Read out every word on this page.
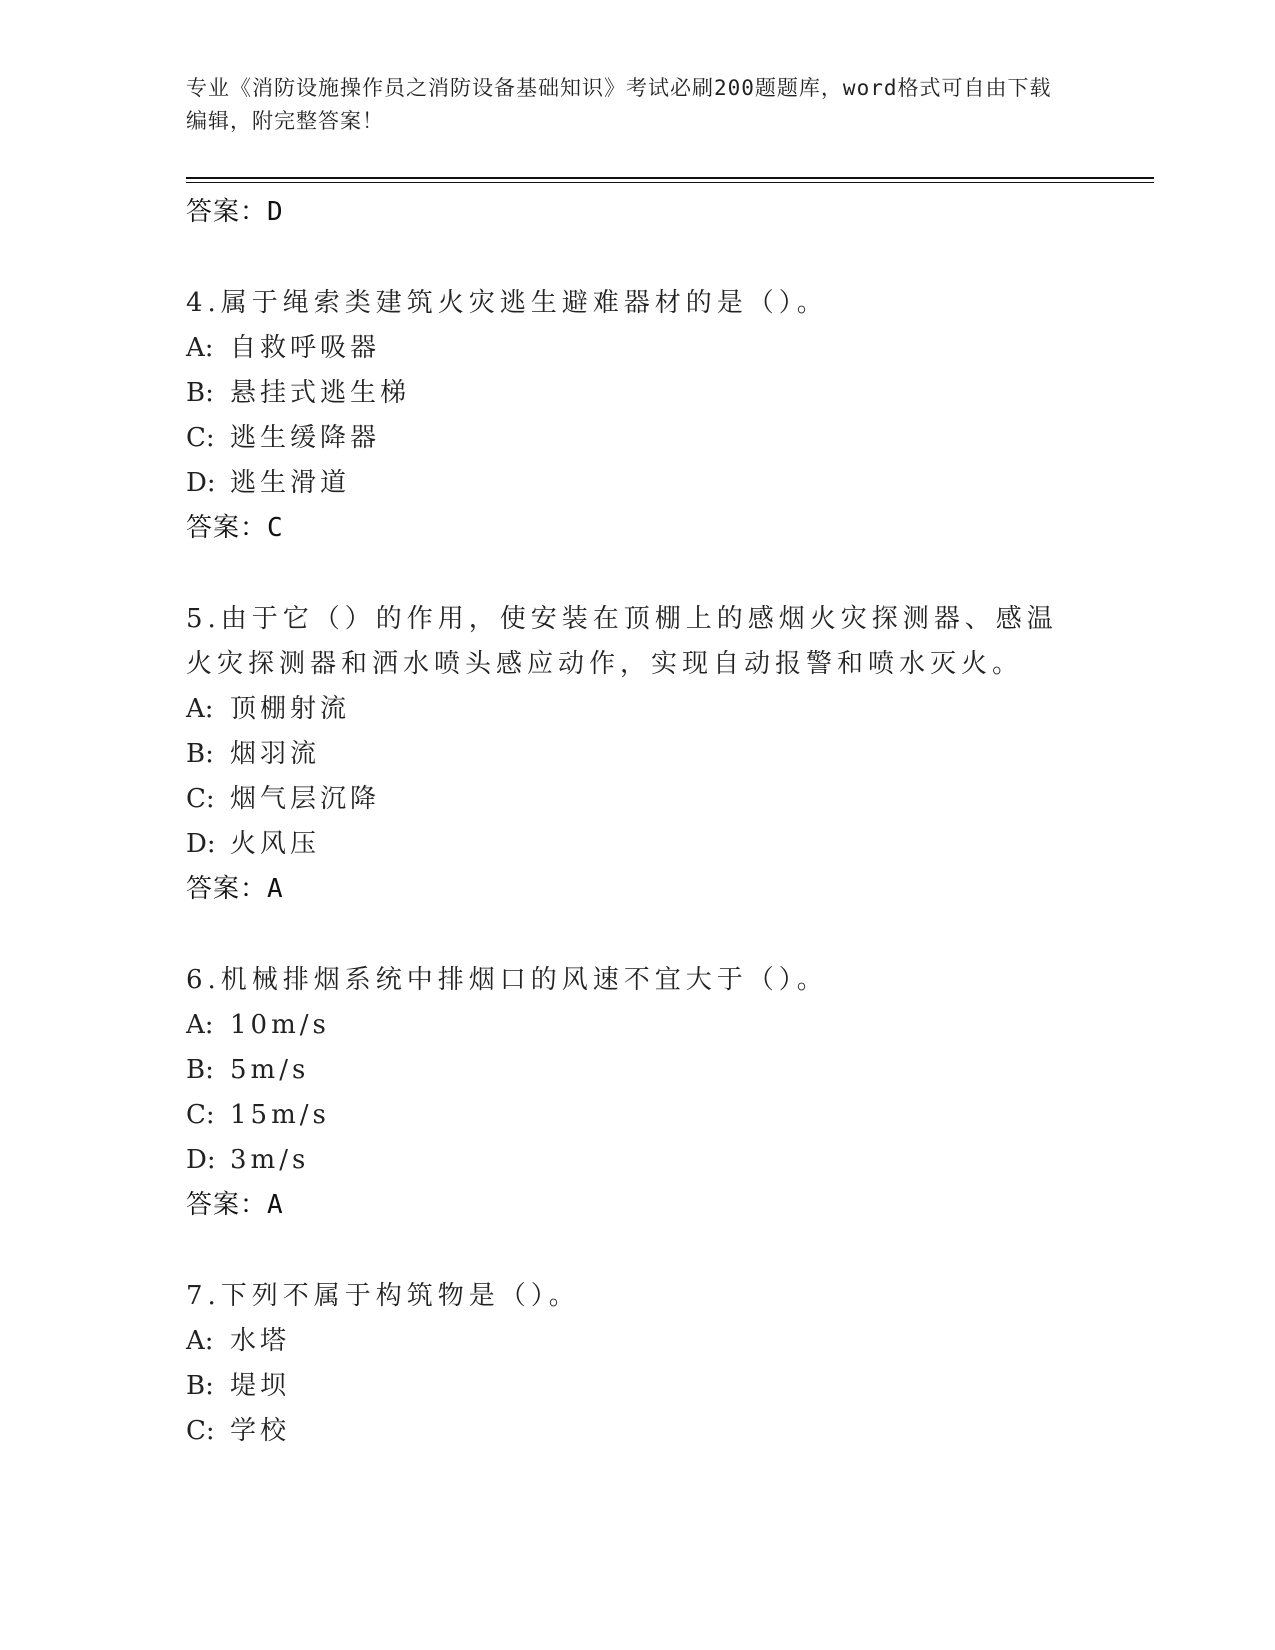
专业《消防设施操作员之消防设备基础知识》考试必刷200题题库，word格式可自由下载编辑，附完整答案！
答案：D
4.属于绳索类建筑火灾逃生避难器材的是（）。
A: 自救呼吸器
B: 悬挂式逃生梯
C: 逃生缓降器
D: 逃生滑道
答案：C
5.由于它（）的作用，使安装在顶棚上的感烟火灾探测器、感温火灾探测器和洒水喷头感应动作，实现自动报警和喷水灭火。
A: 顶棚射流
B: 烟羽流
C: 烟气层沉降
D: 火风压
答案：A
6.机械排烟系统中排烟口的风速不宜大于（）。
A: 10m/s
B: 5m/s
C: 15m/s
D: 3m/s
答案：A
7.下列不属于构筑物是（）。
A: 水塔
B: 堤坝
C: 学校
